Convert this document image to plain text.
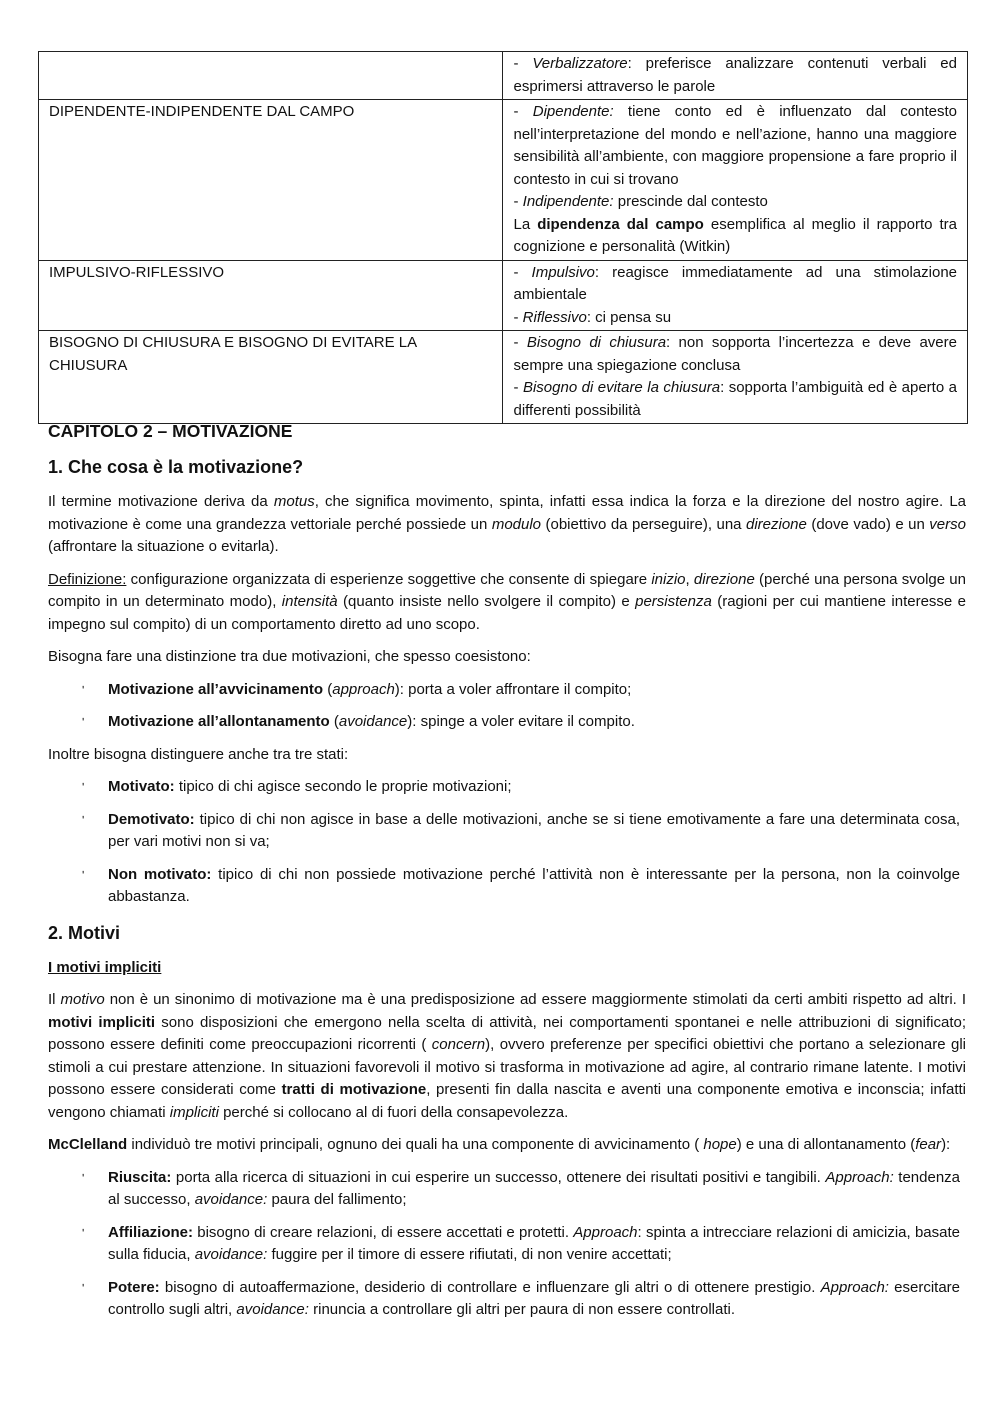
	- Verbalizzatore: preferisce analizzare contenuti verbali ed esprimersi attraverso le parole

DIPENDENTE-INDIPENDENTE DAL CAMPO	- Dipendente: tiene conto ed è influenzato dal contesto nell’interpretazione del mondo e nell’azione, hanno una maggiore sensibilità all’ambiente, con maggiore propensione a fare proprio il contesto in cui si trovano
- Indipendente: prescinde dal contesto
La dipendenza dal campo esemplifica al meglio il rapporto tra cognizione e personalità (Witkin)

IMPULSIVO-RIFLESSIVO	- Impulsivo: reagisce immediatamente ad una stimolazione ambientale
- Riflessivo: ci pensa su

BISOGNO DI CHIUSURA E BISOGNO DI EVITARE LA CHIUSURA	- Bisogno di chiusura: non sopporta l’incertezza e deve avere sempre una spiegazione conclusa
- Bisogno di evitare la chiusura: sopporta l’ambiguità ed è aperto a differenti possibilità
CAPITOLO 2 – MOTIVAZIONE
1. Che cosa è la motivazione?

Il termine motivazione deriva da motus, che significa movimento, spinta, infatti essa indica la forza e la direzione del nostro agire. La motivazione è come una grandezza vettoriale perché possiede un modulo (obiettivo da perseguire), una direzione (dove vado) e un verso (affrontare la situazione o evitarla).

Definizione: configurazione organizzata di esperienze soggettive che consente di spiegare inizio, direzione (perché una persona svolge un compito in un determinato modo), intensità (quanto insiste nello svolgere il compito) e persistenza (ragioni per cui mantiene interesse e impegno sul compito) di un comportamento diretto ad uno scopo.

Bisogna fare una distinzione tra due motivazioni, che spesso coesistono:

ʹ Motivazione all’avvicinamento (approach): porta a voler affrontare il compito;
ʹ Motivazione all’allontanamento (avoidance): spinge a voler evitare il compito.

Inoltre bisogna distinguere anche tra tre stati:

ʹ Motivato: tipico di chi agisce secondo le proprie motivazioni;
ʹ Demotivato: tipico di chi non agisce in base a delle motivazioni, anche se si tiene emotivamente a fare una determinata cosa, per vari motivi non si va;
ʹ Non motivato: tipico di chi non possiede motivazione perché l’attività non è interessante per la persona, non la coinvolge abbastanza.
2. Motivi
I motivi impliciti

Il motivo non è un sinonimo di motivazione ma è una predisposizione ad essere maggiormente stimolati da certi ambiti rispetto ad altri. I motivi impliciti sono disposizioni che emergono nella scelta di attività, nei comportamenti spontanei e nelle attribuzioni di significato; possono essere definiti come preoccupazioni ricorrenti ( concern), ovvero preferenze per specifici obiettivi che portano a selezionare gli stimoli a cui prestare attenzione. In situazioni favorevoli il motivo si trasforma in motivazione ad agire, al contrario rimane latente. I motivi possono essere considerati come tratti di motivazione, presenti fin dalla nascita e aventi una componente emotiva e inconscia; infatti vengono chiamati impliciti perché si collocano al di fuori della consapevolezza.

McClelland individuò tre motivi principali, ognuno dei quali ha una componente di avvicinamento ( hope) e una di allontanamento (fear):

ʹ Riuscita: porta alla ricerca di situazioni in cui esperire un successo, ottenere dei risultati positivi e tangibili. Approach: tendenza al successo, avoidance: paura del fallimento;
ʹ Affiliazione: bisogno di creare relazioni, di essere accettati e protetti. Approach: spinta a intrecciare relazioni di amicizia, basate sulla fiducia, avoidance: fuggire per il timore di essere rifiutati, di non venire accettati;
ʹ Potere: bisogno di autoaffermazione, desiderio di controllare e influenzare gli altri o di ottenere prestigio. Approach: esercitare controllo sugli altri, avoidance: rinuncia a controllare gli altri per paura di non essere controllati.
